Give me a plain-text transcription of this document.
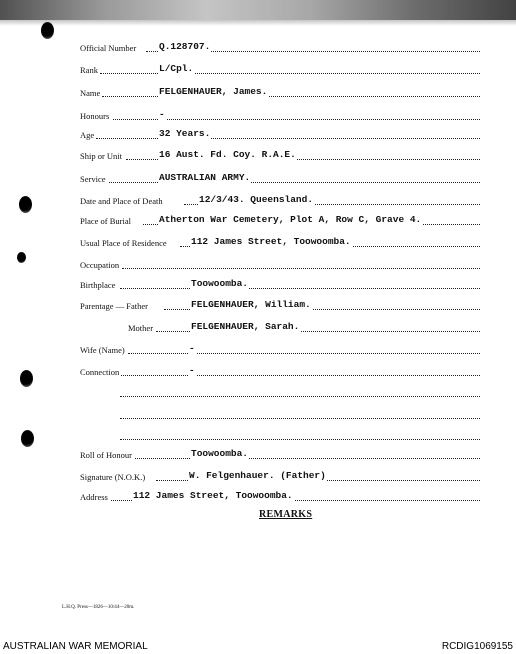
Official Number Q.128707.
Rank	L/Cpl.
Name	FELGENHAUER, James.
Honours	-
Age	32 Years.
Ship or Unit	16 Aust. Fd. Coy. R.A.E.
Service	AUSTRALIAN ARMY.
Date and Place of Death	12/3/43. Queensland.
Place of Burial	Atherton War Cemetery, Plot A, Row C, Grave 4.
Usual Place of Residence	112 James Street, Toowoomba.
Occupation
Birthplace	Toowoomba.
Parentage — Father	FELGENHAUER, William.
Mother	FELGENHAUER, Sarah.
Wife (Name)	-
Connection	-
Roll of Honour	Toowoomba.
Signature (N.O.K.)	W. Felgenhauer. (Father)
Address	112 James Street, Toowoomba.
REMARKS
L.H.Q. Press—1826—10/44—20m.
AUSTRALIAN WAR MEMORIAL	RCDIG1069155
